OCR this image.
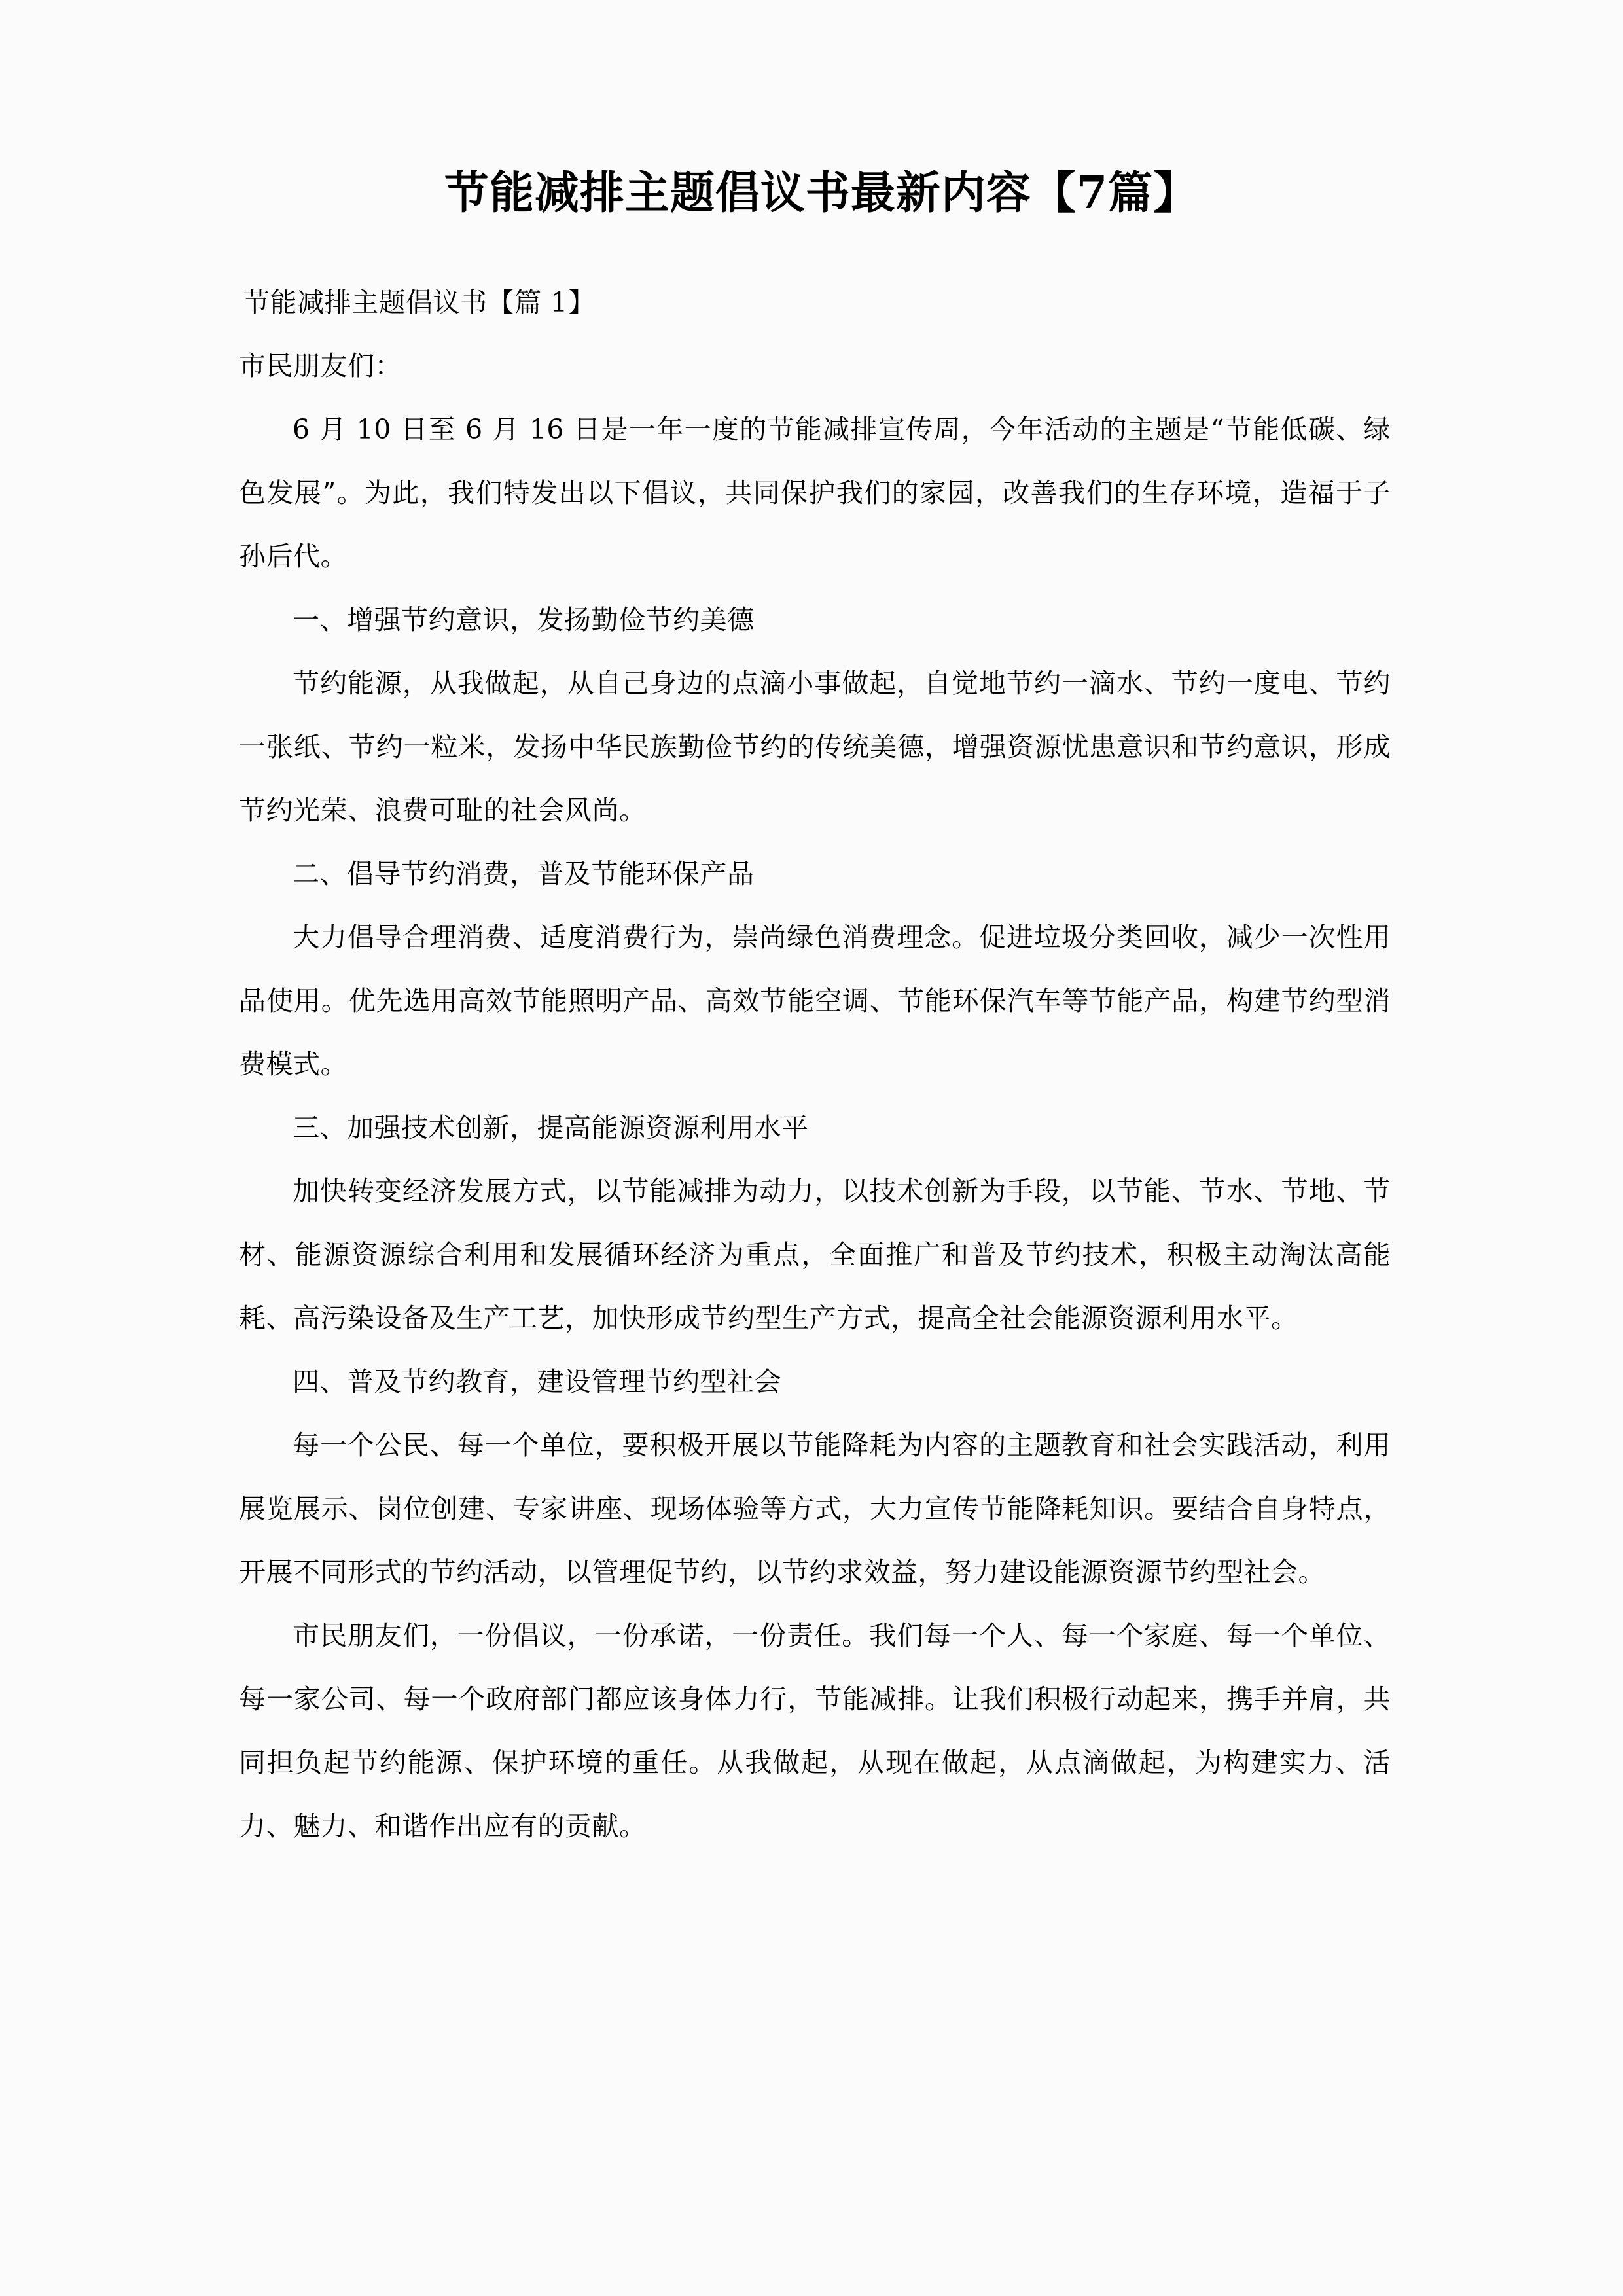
节能减排主题倡议书最新内容【7篇】

节能减排主题倡议书【篇 1】

市民朋友们：

6 月 10 日至 6 月 16 日是一年一度的节能减排宣传周，今年活动的主题是“节能低碳、绿色发展”。为此，我们特发出以下倡议，共同保护我们的家园，改善我们的生存环境，造福于子孙后代。

一、增强节约意识，发扬勤俭节约美德

节约能源，从我做起，从自己身边的点滴小事做起，自觉地节约一滴水、节约一度电、节约一张纸、节约一粒米，发扬中华民族勤俭节约的传统美德，增强资源忧患意识和节约意识，形成节约光荣、浪费可耻的社会风尚。

二、倡导节约消费，普及节能环保产品

大力倡导合理消费、适度消费行为，崇尚绿色消费理念。促进垃圾分类回收，减少一次性用品使用。优先选用高效节能照明产品、高效节能空调、节能环保汽车等节能产品，构建节约型消费模式。

三、加强技术创新，提高能源资源利用水平

加快转变经济发展方式，以节能减排为动力，以技术创新为手段，以节能、节水、节地、节材、能源资源综合利用和发展循环经济为重点，全面推广和普及节约技术，积极主动淘汰高能耗、高污染设备及生产工艺，加快形成节约型生产方式，提高全社会能源资源利用水平。

四、普及节约教育，建设管理节约型社会

每一个公民、每一个单位，要积极开展以节能降耗为内容的主题教育和社会实践活动，利用展览展示、岗位创建、专家讲座、现场体验等方式，大力宣传节能降耗知识。要结合自身特点，开展不同形式的节约活动，以管理促节约，以节约求效益，努力建设能源资源节约型社会。

市民朋友们，一份倡议，一份承诺，一份责任。我们每一个人、每一个家庭、每一个单位、每一家公司、每一个政府部门都应该身体力行，节能减排。让我们积极行动起来，携手并肩，共同担负起节约能源、保护环境的重任。从我做起，从现在做起，从点滴做起，为构建实力、活力、魅力、和谐作出应有的贡献。
